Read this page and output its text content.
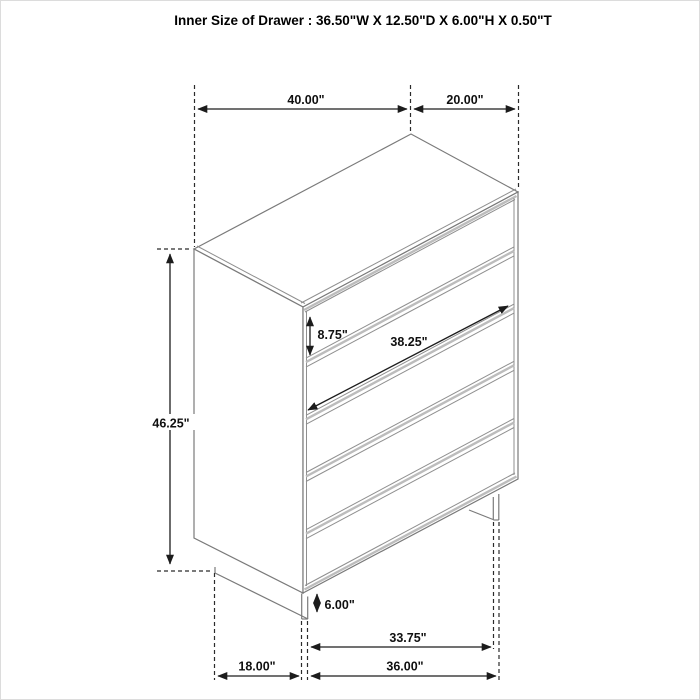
Inner Size of Drawer : 36.50"W X 12.50"D X 6.00"H X 0.50"T
40.00"	20.00"
46.25"
8.75"	38.25"
6.00"
33.75"
36.00"
18.00"
